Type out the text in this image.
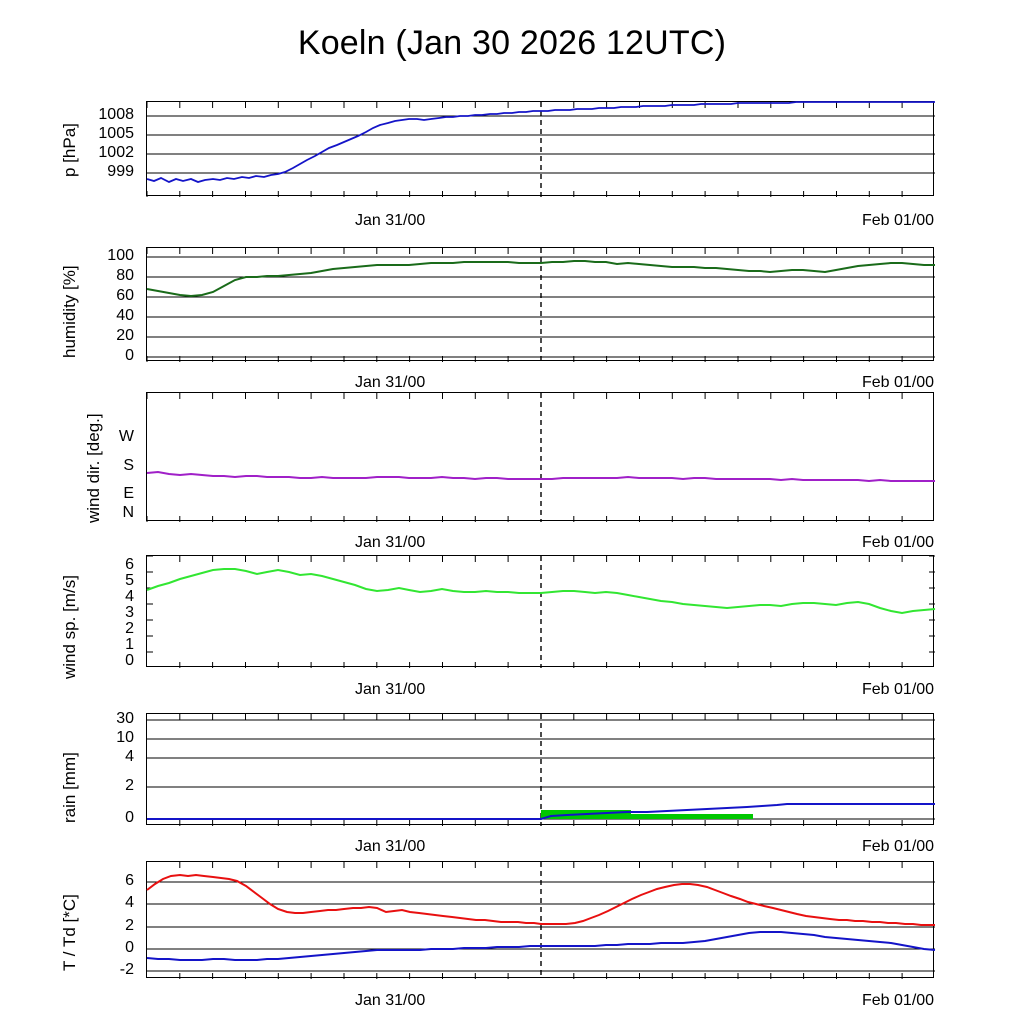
Koeln (Jan 30 2026 12UTC)
p [hPa]
1008
1005
1002
999
Jan 31/00	Feb 01/00
humidity [%]
100
80
60
40
20
0
Jan 31/00	Feb 01/00
wind dir. [deg.] W
S
E
N
Jan 31/00	Feb 01/00
wind sp. [m/s]
6
5
4
3
2
1
0
Jan 31/00	Feb 01/00
rain [mm]
30
10
4
2
0
Jan 31/00	Feb 01/00
T / Td [*C]
6
4
2
0
-2
Jan 31/00	Feb 01/00
